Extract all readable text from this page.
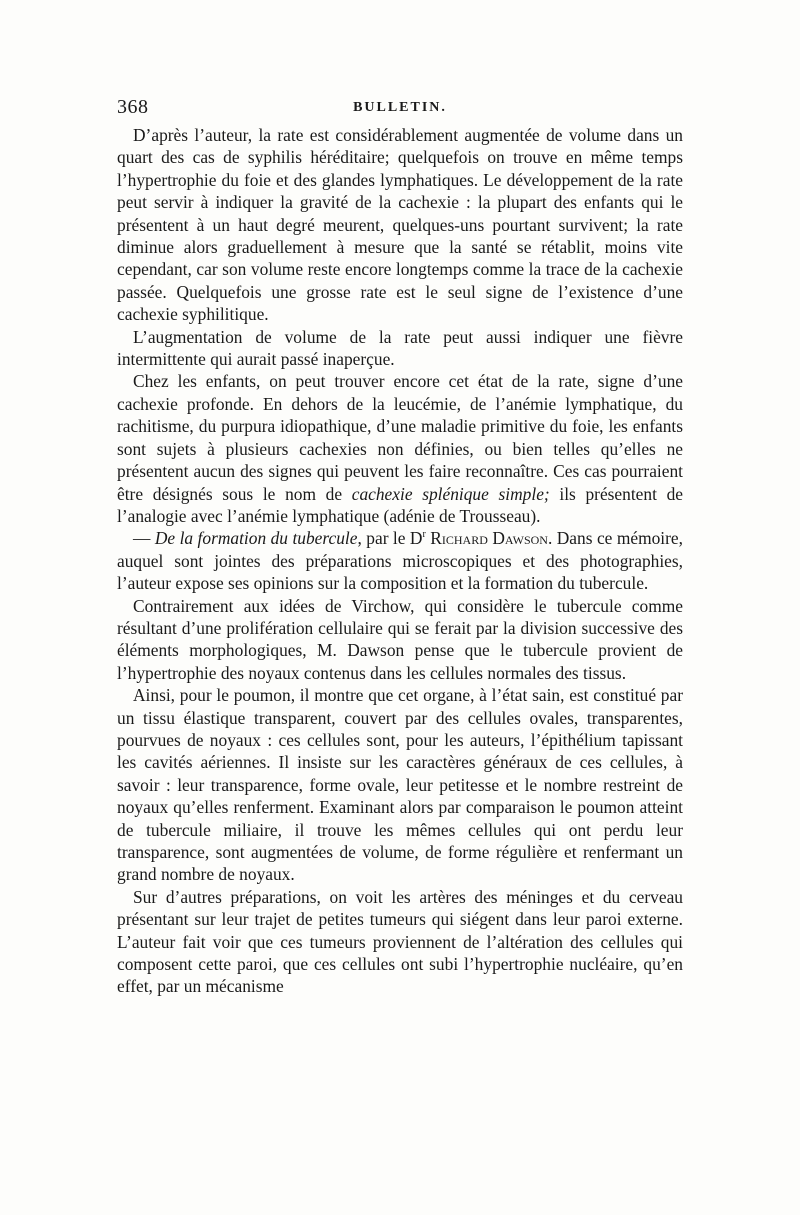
368	BULLETIN.

D’après l’auteur, la rate est considérablement augmentée de volume dans un quart des cas de syphilis héréditaire; quelquefois on trouve en même temps l’hypertrophie du foie et des glandes lymphatiques. Le développement de la rate peut servir à indiquer la gravité de la cachexie : la plupart des enfants qui le présentent à un haut degré meurent, quelques-uns pourtant survivent; la rate diminue alors graduellement à mesure que la santé se rétablit, moins vite cependant, car son volume reste encore longtemps comme la trace de la cachexie passée. Quelquefois une grosse rate est le seul signe de l’existence d’une cachexie syphilitique.

L’augmentation de volume de la rate peut aussi indiquer une fièvre intermittente qui aurait passé inaperçue.

Chez les enfants, on peut trouver encore cet état de la rate, signe d’une cachexie profonde. En dehors de la leucémie, de l’anémie lymphatique, du rachitisme, du purpura idiopathique, d’une maladie primitive du foie, les enfants sont sujets à plusieurs cachexies non définies, ou bien telles qu’elles ne présentent aucun des signes qui peuvent les faire reconnaître. Ces cas pourraient être désignés sous le nom de cachexie splénique simple; ils présentent de l’analogie avec l’anémie lymphatique (adénie de Trousseau).

— De la formation du tubercule, par le $D^r$ Richard Dawson. Dans ce mémoire, auquel sont jointes des préparations microscopiques et des photographies, l’auteur expose ses opinions sur la composition et la formation du tubercule.

Contrairement aux idées de Virchow, qui considère le tubercule comme résultant d’une prolifération cellulaire qui se ferait par la division successive des éléments morphologiques, M. Dawson pense que le tubercule provient de l’hypertrophie des noyaux contenus dans les cellules normales des tissus.

Ainsi, pour le poumon, il montre que cet organe, à l’état sain, est constitué par un tissu élastique transparent, couvert par des cellules ovales, transparentes, pourvues de noyaux : ces cellules sont, pour les auteurs, l’épithélium tapissant les cavités aériennes. Il insiste sur les caractères généraux de ces cellules, à savoir : leur transparence, forme ovale, leur petitesse et le nombre restreint de noyaux qu’elles renferment. Examinant alors par comparaison le poumon atteint de tubercule miliaire, il trouve les mêmes cellules qui ont perdu leur transparence, sont augmentées de volume, de forme régulière et renfermant un grand nombre de noyaux.

Sur d’autres préparations, on voit les artères des méninges et du cerveau présentant sur leur trajet de petites tumeurs qui siégent dans leur paroi externe. L’auteur fait voir que ces tumeurs proviennent de l’altération des cellules qui composent cette paroi, que ces cellules ont subi l’hypertrophie nucléaire, qu’en effet, par un mécanisme
